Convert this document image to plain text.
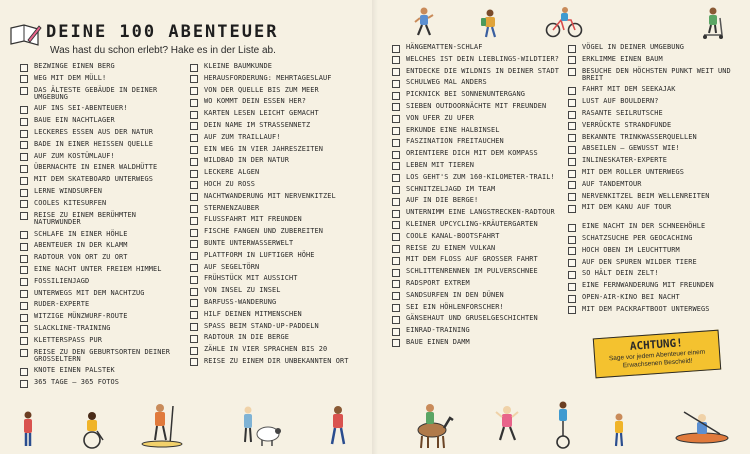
DEINE 100 ABENTEUER
Was hast du schon erlebt? Hake es in der Liste ab.
BEZWINGE EINEN BERG
WEG MIT DEM MÜLL!
DAS ÄLTESTE GEBÄUDE IN DEINER UMGEBUNG
AUF INS SEI-ABENTEUER!
BAUE EIN NACHTLAGER
LECKERES ESSEN AUS DER NATUR
BADE IN EINER HEISSEN QUELLE
AUF ZUM KOSTÜMLAUF!
ÜBERNACHTE IN EINER WALDHÜTTE
MIT DEM SKATEBOARD UNTERWEGS
LERNE WINDSURFEN
COOLES KITESURFEN
REISE ZU EINEM BERÜHMTEN NATURWUNDER
SCHLAFE IN EINER HÖHLE
ABENTEUER IN DER KLAMM
RADTOUR VON ORT ZU ORT
EINE NACHT UNTER FREIEM HIMMEL
FOSSILIENJAGD
UNTERWEGS MIT DEM NACHTZUG
RUDER-EXPERTE
WITZIGE MÜNZWURF-ROUTE
SLACKLINE-TRAINING
KLETTERSPASS PUR
REISE ZU DEN GEBURTSORTEN DEINER GROSSELTERN
KNOTE EINEN PALSTEK
365 TAGE – 365 FOTOS
KLEINE BAUMKUNDE
HERAUSFORDERUNG: MEHRTAGESLAUF
VON DER QUELLE BIS ZUM MEER
WO KOMMT DEIN ESSEN HER?
KARTEN LESEN LEICHT GEMACHT
DEIN NAME IM STRASSENNETZ
AUF ZUM TRAILLAUF!
EIN WEG IN VIER JAHRESZEITEN
WILDBAD IN DER NATUR
LECKERE ALGEN
HOCH ZU ROSS
NACHTWANDERUNG MIT NERVENKITZEL
STERNENZAUBER
FLUSSFAHRT MIT FREUNDEN
FISCHE FANGEN UND ZUBEREITEN
BUNTE UNTERWASSERWELT
PLATTFORM IN LUFTIGER HÖHE
AUF SEGELTÖRN
FRÜHSTÜCK MIT AUSSICHT
VON INSEL ZU INSEL
BARFUSS-WANDERUNG
HILF DEINEN MITMENSCHEN
SPASS BEIM STAND-UP-PADDELN
RADTOUR IN DIE BERGE
ZÄHLE IN VIER SPRACHEN BIS 20
REISE ZU EINEM DIR UNBEKANNTEN ORT
HÄNGEMATTEN-SCHLAF
WELCHES IST DEIN LIEBLINGS-WILDTIER?
ENTDECKE DIE WILDNIS IN DEINER STADT
SCHULWEG MAL ANDERS
PICKNICK BEI SONNENUNTERGANG
SIEBEN OUTDOORNÄCHTE MIT FREUNDEN
VON UFER ZU UFER
ERKUNDE EINE HALBINSEL
FASZINATION FREITAUCHEN
ORIENTIERE DICH MIT DEM KOMPASS
LEBEN MIT TIEREN
LOS GEHT'S ZUM 160-KILOMETER-TRAIL!
SCHNITZELJAGD IM TEAM
AUF IN DIE BERGE!
UNTERNIMM EINE LANGSTRECKEN-RADTOUR
KLEINER UPCYCLING-KRÄUTERGARTEN
COOLE KANAL-BOOTSFAHRT
REISE ZU EINEM VULKAN
MIT DEM FLOSS AUF GROSSER FAHRT
SCHLITTENRENNEN IM PULVERSCHNEE
RADSPORT EXTREM
SANDSURFEN IN DEN DÜNEN
SEI EIN HÖHLENFORSCHER!
GÄNSEHAUT UND GRUSELGESCHICHTEN
EINRAD-TRAINING
BAUE EINEN DAMM
VÖGEL IN DEINER UMGEBUNG
ERKLIMME EINEN BAUM
BESUCHE DEN HÖCHSTEN PUNKT WEIT UND BREIT
FAHRT MIT DEM SEEKAJAK
LUST AUF BOULDERN?
RASANTE SEILRUTSCHE
VERRÜCKTE STRANDFUNDE
BEKANNTE TRINKWASSERQUELLEN
ABSEILEN – GEWUSST WIE!
INLINESKATER-EXPERTE
MIT DEM ROLLER UNTERWEGS
AUF TANDEMTOUR
NERVENKITZEL BEIM WELLENREITEN
MIT DEM KANU AUF TOUR
EINE NACHT IN DER SCHNEEHÖHLE
SCHATZSUCHE PER GEOCACHING
HOCH OBEN IM LEUCHTTURM
AUF DEN SPUREN WILDER TIERE
SO HÄLT DEIN ZELT!
EINE FERNWANDERUNG MIT FREUNDEN
OPEN-AIR-KINO BEI NACHT
MIT DEM PACKRAFTBOOT UNTERWEGS
ACHTUNG!
Sage vor jedem Abenteuer einem Erwachsenen Bescheid!
